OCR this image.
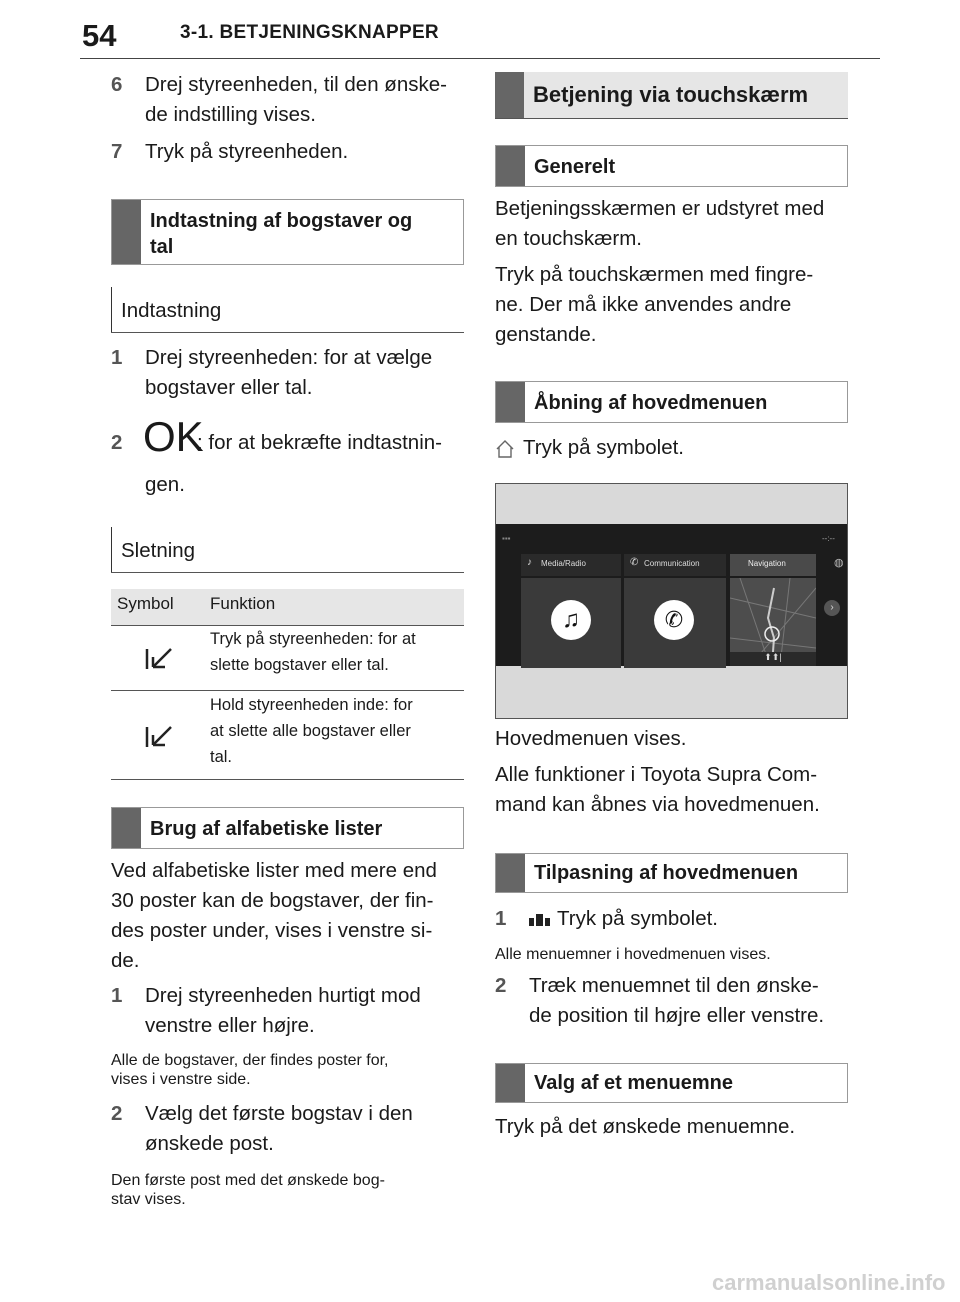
54	3-1. BETJENINGSKNAPPER
6 Drej styreenheden, til den ønske-
de indstilling vises.
7 Tryk på styreenheden.
Indtastning af bogstaver og
tal
Indtastning
1 Drej styreenheden: for at vælge
bogstaver eller tal.
2 OK
: for at bekræfte indtastnin-
gen.
Sletning
Symbol Funktion
Tryk på styreenheden: for at
slette bogstaver eller tal.
Hold styreenheden inde: for
at slette alle bogstaver eller
tal.
Brug af alfabetiske lister
Ved alfabetiske lister med mere end
30 poster kan de bogstaver, der fin-
des poster under, vises i venstre si-
de.
1 Drej styreenheden hurtigt mod
venstre eller højre.
Alle de bogstaver, der findes poster for,
vises i venstre side.
2 Vælg det første bogstav i den
ønskede post.
Den første post med det ønskede bog-
stav vises.
Betjening via touchskærm
Generelt
Betjeningsskærmen er udstyret med
en touchskærm.
Tryk på touchskærmen med fingre-
ne. Der må ikke anvendes andre
genstande.
Åbning af hovedmenuen
Tryk på symbolet.
▪▪▪	--:--
♪ Media/Radio	✆ Communication	Navigation	◍
♫	✆
⬆⬆|
›
Hovedmenuen vises.
Alle funktioner i Toyota Supra Com-
mand kan åbnes via hovedmenuen.
Tilpasning af hovedmenuen
1 Tryk på symbolet.
Alle menuemner i hovedmenuen vises.
2 Træk menuemnet til den ønske-
de position til højre eller venstre.
Valg af et menuemne
Tryk på det ønskede menuemne.
carmanualsonline.info
